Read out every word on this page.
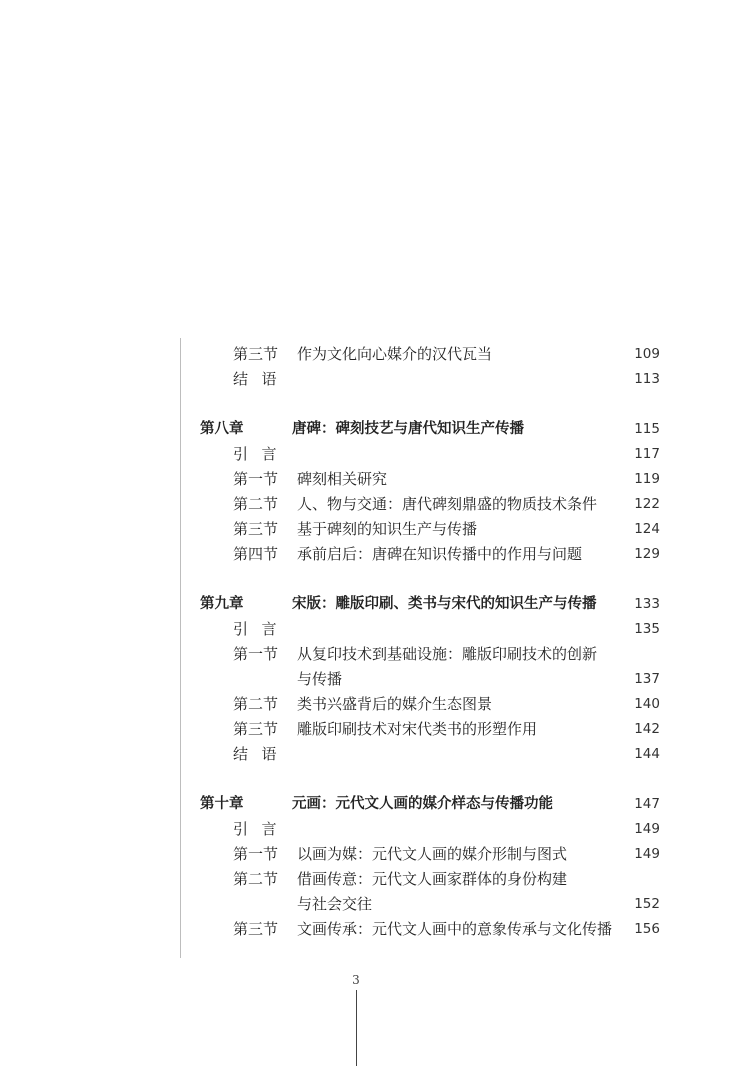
第三节 作为文化向心媒介的汉代瓦当	109
结语	113
第八章	唐碑：碑刻技艺与唐代知识生产传播	115
引言	117
第一节 碑刻相关研究	119
第二节 人、物与交通：唐代碑刻鼎盛的物质技术条件	122
第三节 基于碑刻的知识生产与传播	124
第四节 承前启后：唐碑在知识传播中的作用与问题	129
第九章	宋版：雕版印刷、类书与宋代的知识生产与传播	133
引言	135
第一节 从复印技术到基础设施：雕版印刷技术的创新
与传播	137
第二节 类书兴盛背后的媒介生态图景	140
第三节 雕版印刷技术对宋代类书的形塑作用	142
结语	144
第十章	元画：元代文人画的媒介样态与传播功能	147
引言	149
第一节 以画为媒：元代文人画的媒介形制与图式	149
第二节 借画传意：元代文人画家群体的身份构建
与社会交往	152
第三节 文画传承：元代文人画中的意象传承与文化传播 156
3
